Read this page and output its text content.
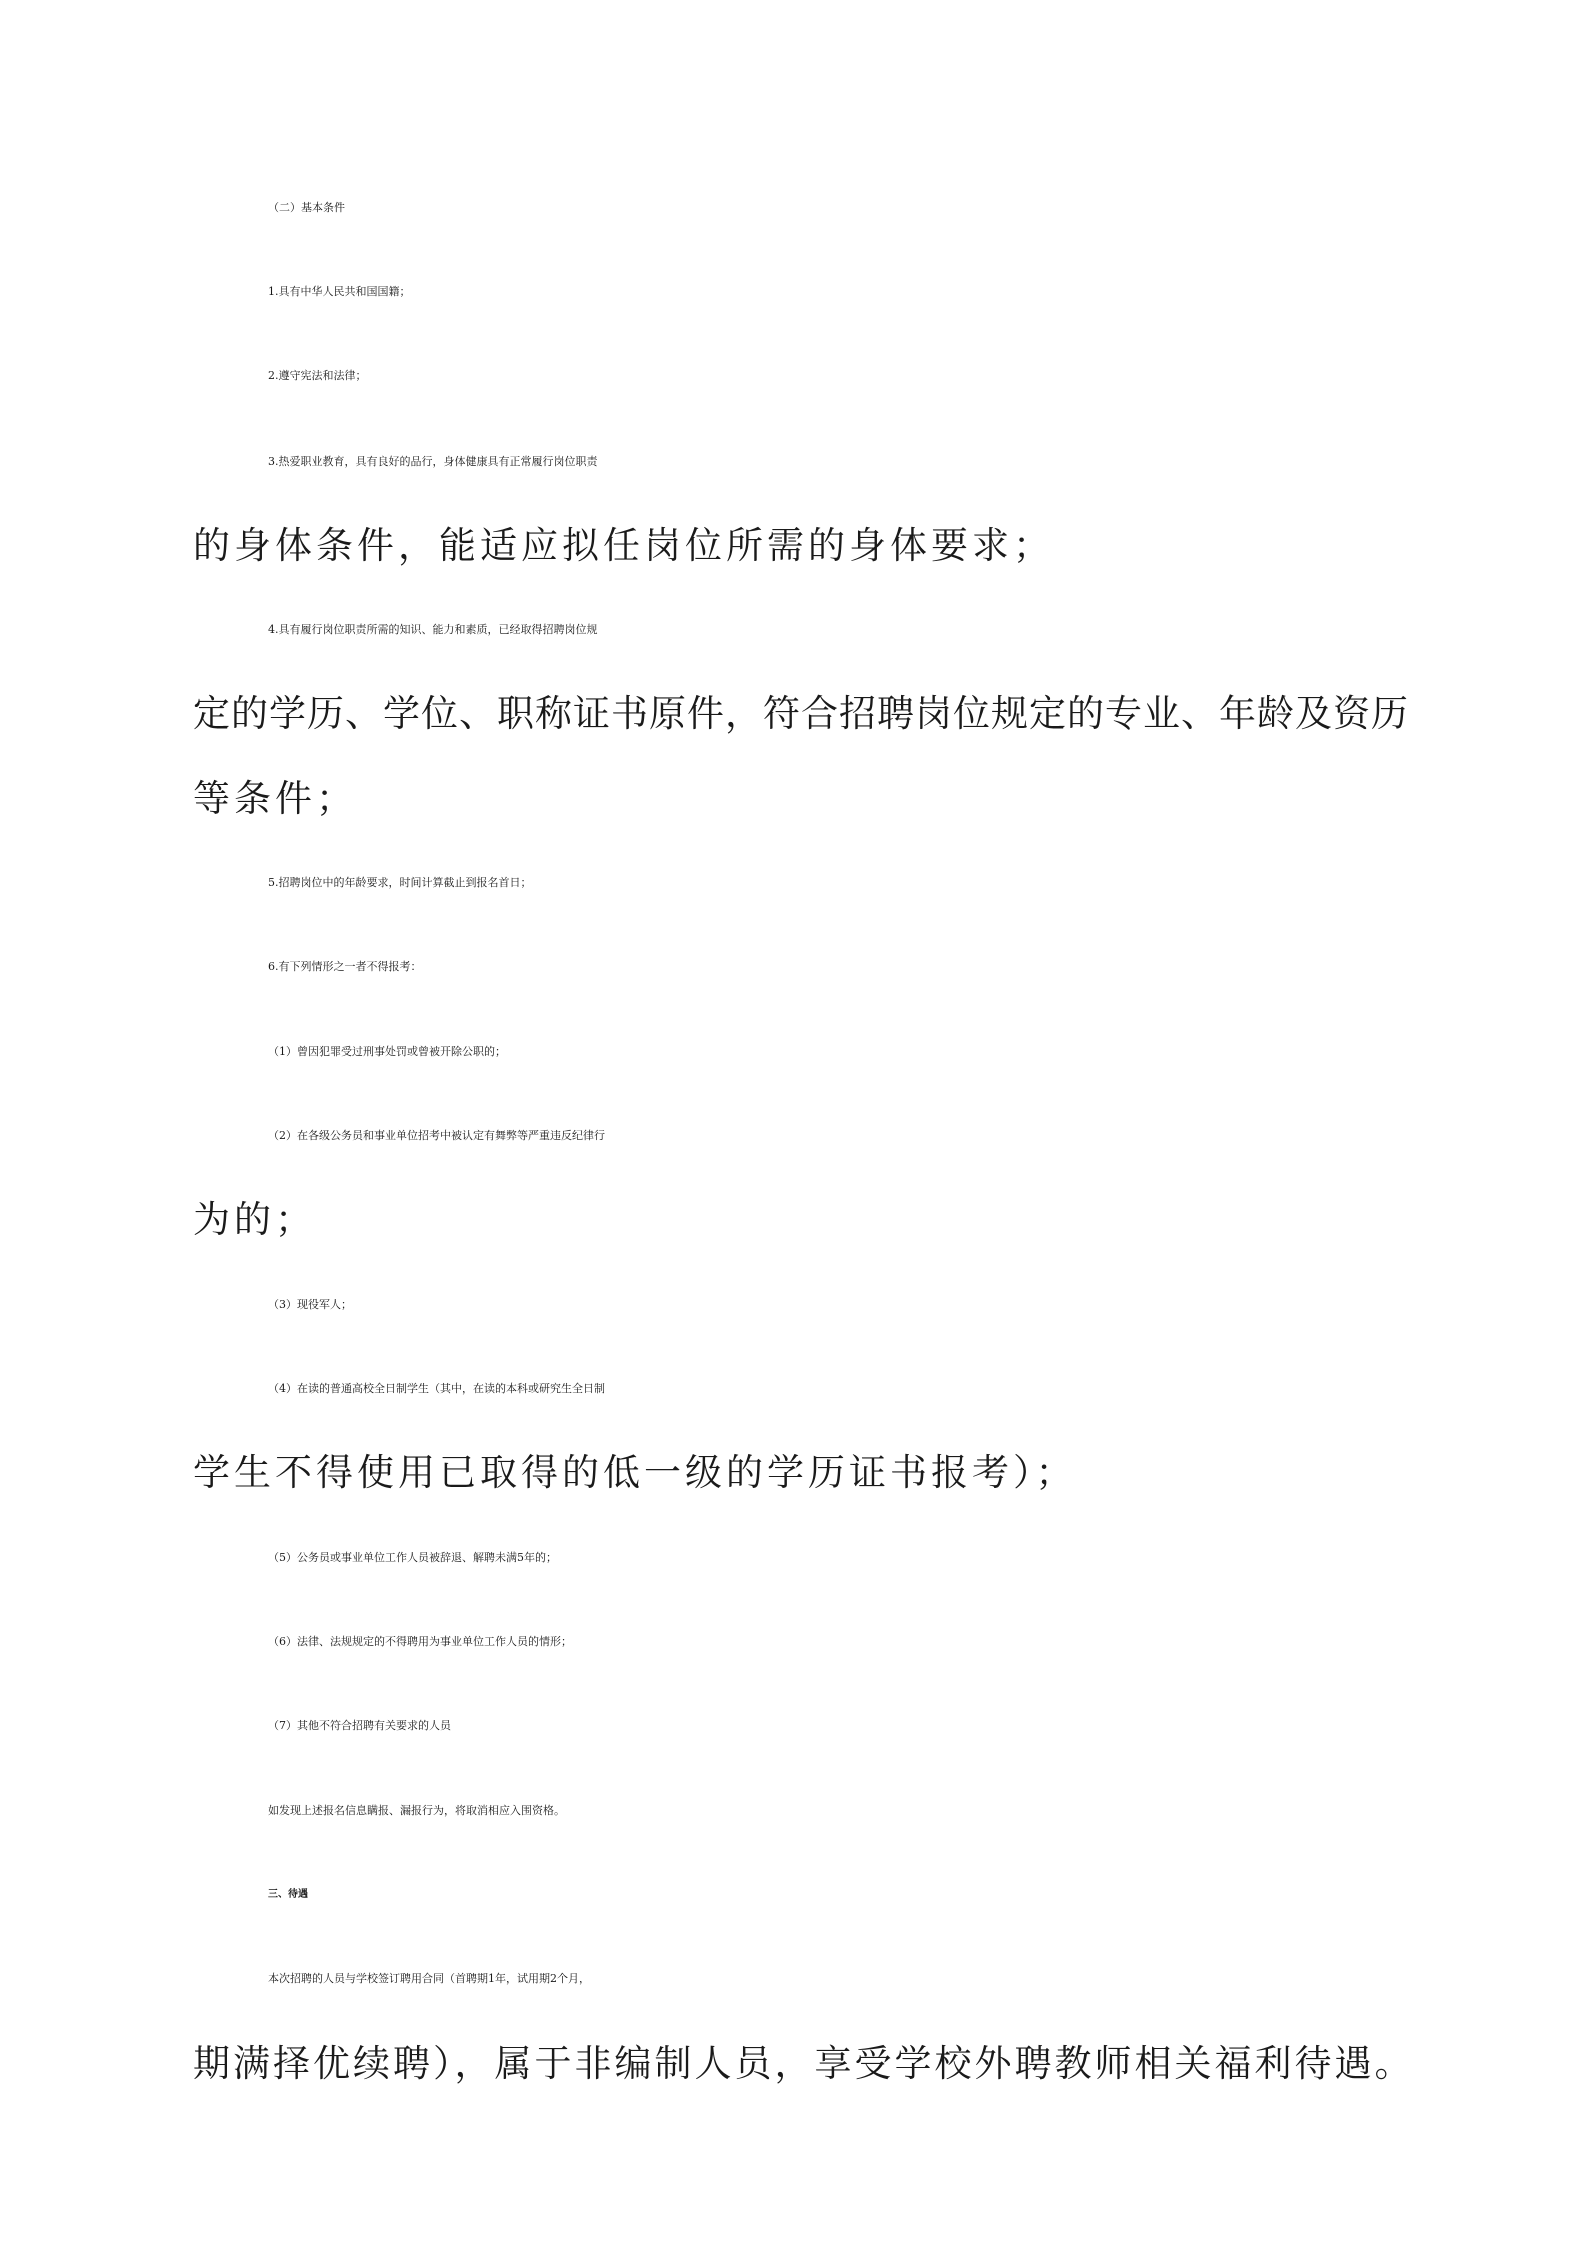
（二）基本条件
1.具有中华人民共和国国籍；
2.遵守宪法和法律；
3.热爱职业教育，具有良好的品行，身体健康具有正常履行岗位职责
的身体条件，能适应拟任岗位所需的身体要求；
4.具有履行岗位职责所需的知识、能力和素质，已经取得招聘岗位规
定的学历、学位、职称证书原件，符合招聘岗位规定的专业、年龄及资历
等条件；
5.招聘岗位中的年龄要求，时间计算截止到报名首日；
6.有下列情形之一者不得报考：
（1）曾因犯罪受过刑事处罚或曾被开除公职的；
（2）在各级公务员和事业单位招考中被认定有舞弊等严重违反纪律行
为的；
（3）现役军人；
（4）在读的普通高校全日制学生（其中，在读的本科或研究生全日制
学生不得使用已取得的低一级的学历证书报考）；
（5）公务员或事业单位工作人员被辞退、解聘未满5年的；
（6）法律、法规规定的不得聘用为事业单位工作人员的情形；
（7）其他不符合招聘有关要求的人员
如发现上述报名信息瞒报、漏报行为，将取消相应入围资格。
三、待遇
本次招聘的人员与学校签订聘用合同（首聘期1年，试用期2个月，
期满择优续聘），属于非编制人员，享受学校外聘教师相关福利待遇。
